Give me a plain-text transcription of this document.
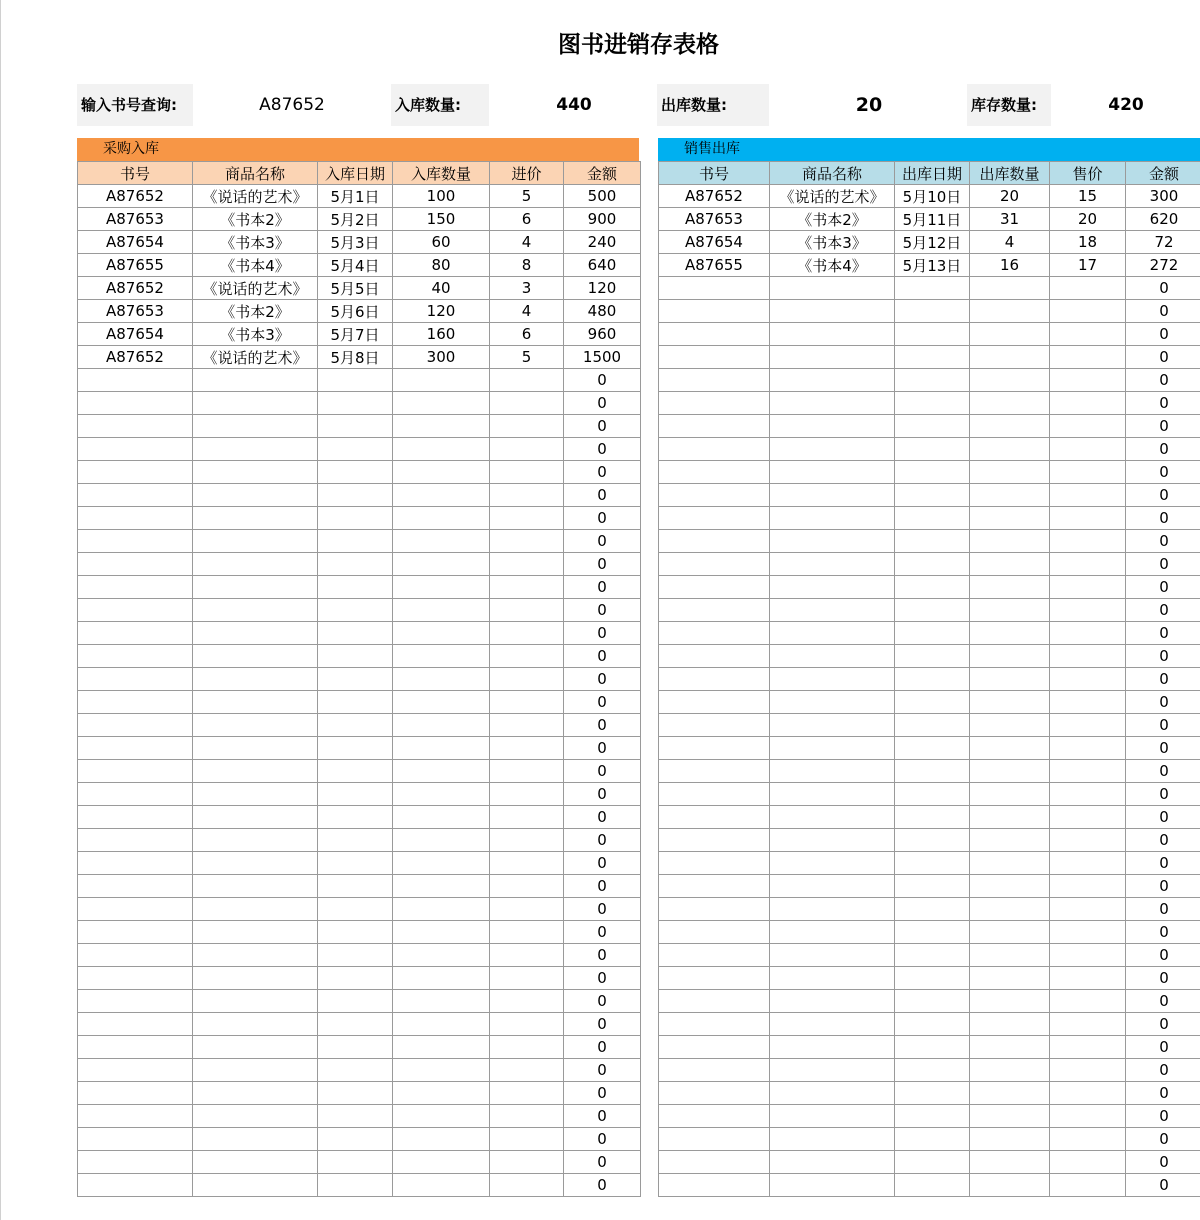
图书进销存表格
输入书号查询:	A87652	入库数量:	440	出库数量:	20	库存数量:	420
采购入库
书号	商品名称	入库日期	入库数量	进价	金额
A87652	《说话的艺术》	5月1日	100	5	500
A87653	《书本2》	5月2日	150	6	900
A87654	《书本3》	5月3日	60	4	240
A87655	《书本4》	5月4日	80	8	640
A87652	《说话的艺术》	5月5日	40	3	120
A87653	《书本2》	5月6日	120	4	480
A87654	《书本3》	5月7日	160	6	960
A87652	《说话的艺术》	5月8日	300	5	1500
					0
					0
					0
					0
					0
					0
					0
					0
					0
					0
					0
					0
					0
					0
					0
					0
					0
					0
					0
					0
					0
					0
					0
					0
					0
					0
					0
					0
					0
					0
					0
					0
					0
					0
					0
					0
销售出库
书号	商品名称	出库日期	出库数量	售价	金额
A87652	《说话的艺术》	5月10日	20	15	300
A87653	《书本2》	5月11日	31	20	620
A87654	《书本3》	5月12日	4	18	72
A87655	《书本4》	5月13日	16	17	272
					0
					0
					0
					0
					0
					0
					0
					0
					0
					0
					0
					0
					0
					0
					0
					0
					0
					0
					0
					0
					0
					0
					0
					0
					0
					0
					0
					0
					0
					0
					0
					0
					0
					0
					0
					0
					0
					0
					0
					0
